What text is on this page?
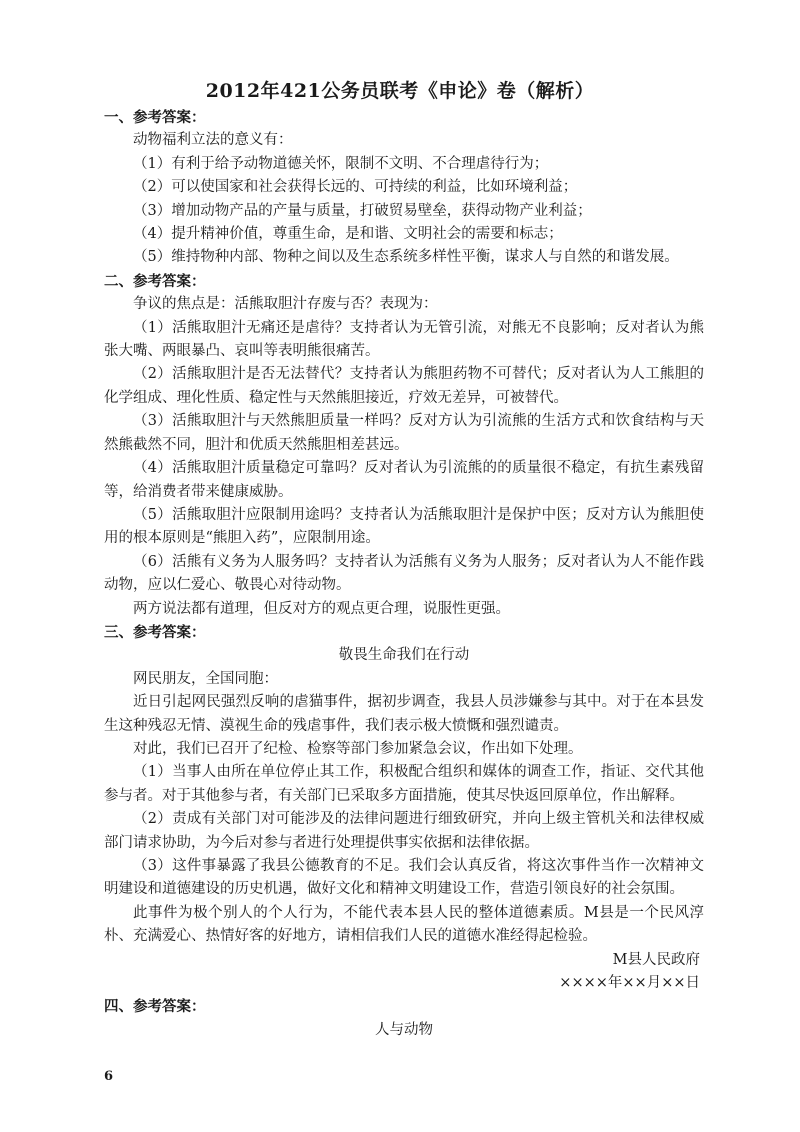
2012年421公务员联考《申论》卷（解析）

一、参考答案：

动物福利立法的意义有：

（1）有利于给予动物道德关怀，限制不文明、不合理虐待行为；

（2）可以使国家和社会获得长远的、可持续的利益，比如环境利益；

（3）增加动物产品的产量与质量，打破贸易壁垒，获得动物产业利益；

（4）提升精神价值，尊重生命，是和谐、文明社会的需要和标志；

（5）维持物种内部、物种之间以及生态系统多样性平衡，谋求人与自然的和谐发展。

二、参考答案：

争议的焦点是：活熊取胆汁存废与否？表现为：

（1）活熊取胆汁无痛还是虐待？支持者认为无管引流，对熊无不良影响；反对者认为熊张大嘴、两眼暴凸、哀叫等表明熊很痛苦。

（2）活熊取胆汁是否无法替代？支持者认为熊胆药物不可替代；反对者认为人工熊胆的化学组成、理化性质、稳定性与天然熊胆接近，疗效无差异，可被替代。

（3）活熊取胆汁与天然熊胆质量一样吗？反对方认为引流熊的生活方式和饮食结构与天然熊截然不同，胆汁和优质天然熊胆相差甚远。

（4）活熊取胆汁质量稳定可靠吗？反对者认为引流熊的的质量很不稳定，有抗生素残留等，给消费者带来健康威胁。

（5）活熊取胆汁应限制用途吗？支持者认为活熊取胆汁是保护中医；反对方认为熊胆使用的根本原则是“熊胆入药”，应限制用途。

（6）活熊有义务为人服务吗？支持者认为活熊有义务为人服务；反对者认为人不能作践动物，应以仁爱心、敬畏心对待动物。

两方说法都有道理，但反对方的观点更合理，说服性更强。

三、参考答案：

敬畏生命我们在行动

网民朋友，全国同胞：

近日引起网民强烈反响的虐猫事件，据初步调查，我县人员涉嫌参与其中。对于在本县发生这种残忍无情、漠视生命的残虐事件，我们表示极大愤慨和强烈谴责。

对此，我们已召开了纪检、检察等部门参加紧急会议，作出如下处理。

（1）当事人由所在单位停止其工作，积极配合组织和媒体的调查工作，指证、交代其他参与者。对于其他参与者，有关部门已采取多方面措施，使其尽快返回原单位，作出解释。

（2）责成有关部门对可能涉及的法律问题进行细致研究，并向上级主管机关和法律权威部门请求协助，为今后对参与者进行处理提供事实依据和法律依据。

（3）这件事暴露了我县公德教育的不足。我们会认真反省，将这次事件当作一次精神文明建设和道德建设的历史机遇，做好文化和精神文明建设工作，营造引领良好的社会氛围。

此事件为极个别人的个人行为，不能代表本县人民的整体道德素质。M县是一个民风淳朴、充满爱心、热情好客的好地方，请相信我们人民的道德水准经得起检验。

M县人民政府

××××年××月××日

四、参考答案：

人与动物

6
